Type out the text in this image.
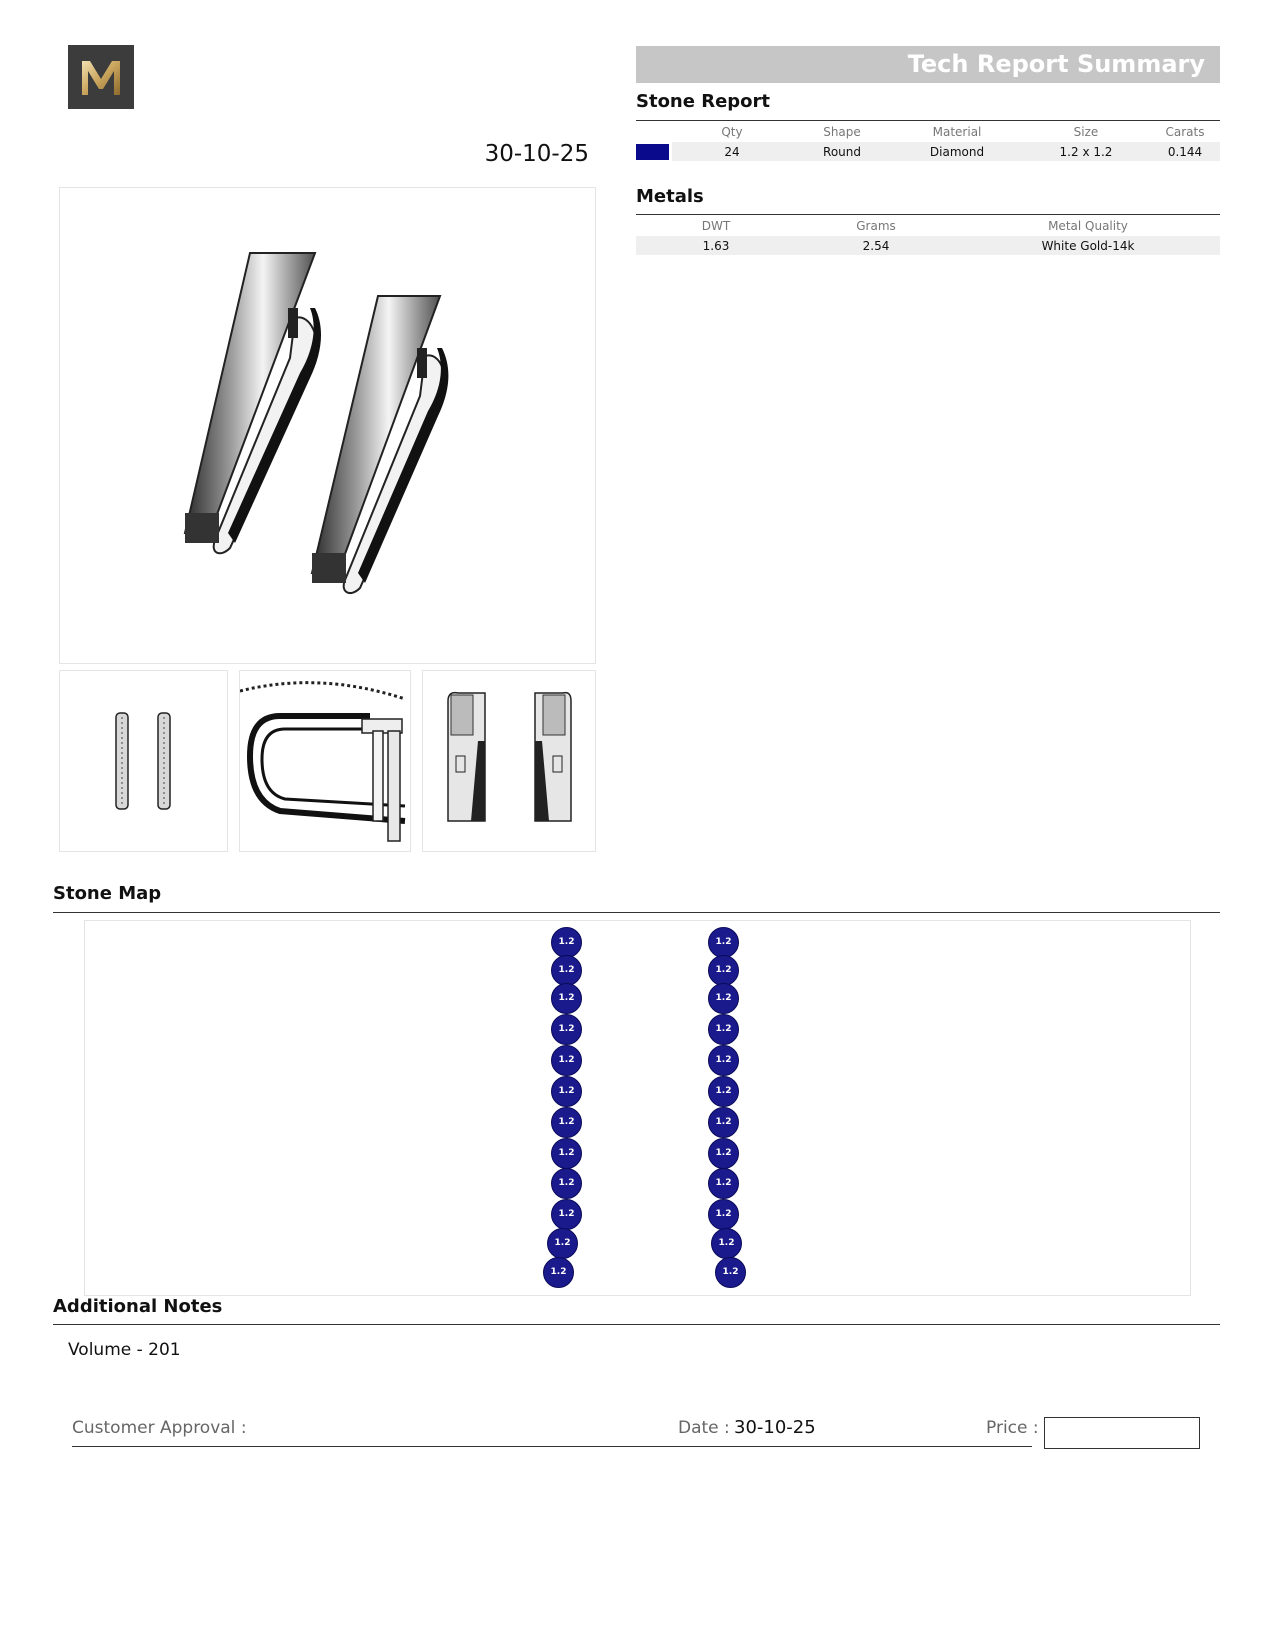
Tech Report Summary
30-10-25
Stone Report
	Qty	Shape	Material	Size	Carats

	24	Round	Diamond	1.2 x 1.2	0.144
Metals
DWT	Grams	Metal Quality
1.63	2.54	White Gold-14k
Stone Map
1.2
1.2
1.2
1.2
1.2
1.2
1.2
1.2
1.2
1.2
1.2
1.2
1.2
1.2
1.2
1.2
1.2
1.2
1.2
1.2
1.2
1.2
1.2
1.2
Additional Notes
Volume - 201
Customer Approval :	Date : 30-10-25	Price :
